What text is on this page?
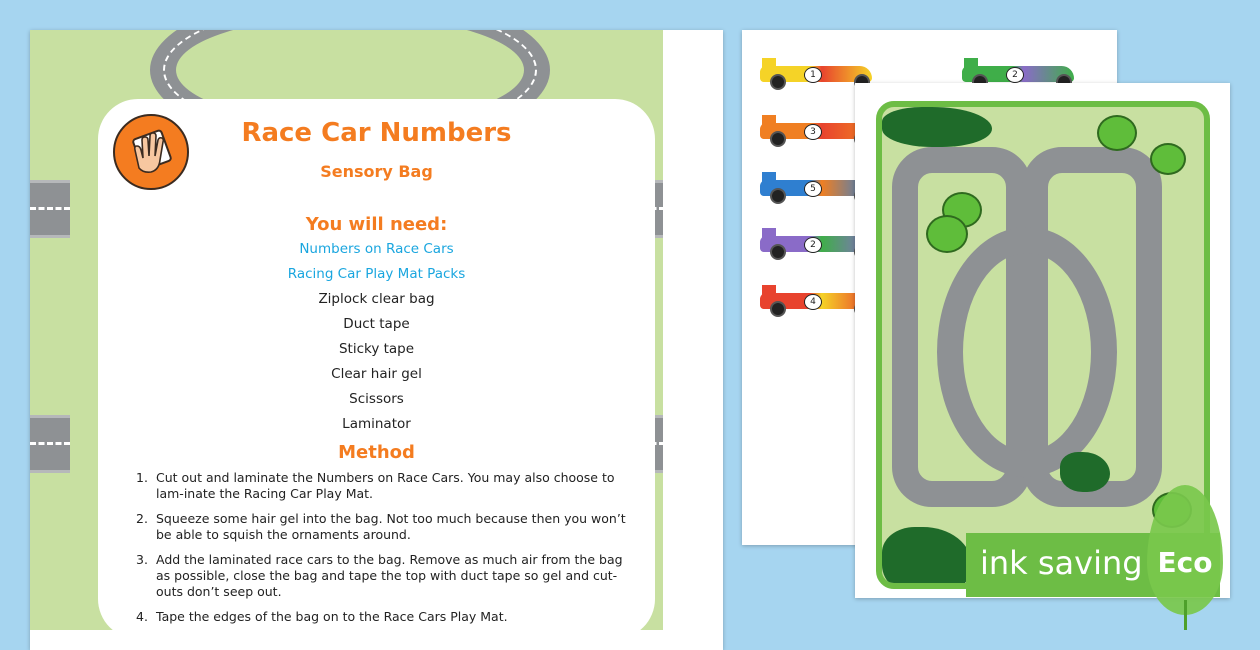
Race Car Numbers
Sensory Bag
You will need:
Numbers on Race Cars
Racing Car Play Mat Packs
Ziplock clear bag
Duct tape
Sticky tape
Clear hair gel
Scissors
Laminator
Method
1. Cut out and laminate the Numbers on Race Cars. You may also choose to lam-inate the Racing Car Play Mat.
2. Squeeze some hair gel into the bag. Not too much because then you won’t be able to squish the ornaments around.
3. Add the laminated race cars to the bag. Remove as much air from the bag as possible, close the bag and tape the top with duct tape so gel and cut-outs don’t seep out.
4. Tape the edges of the bag on to the Race Cars Play Mat.
1	2
3
5
2
4
ink saving Eco
